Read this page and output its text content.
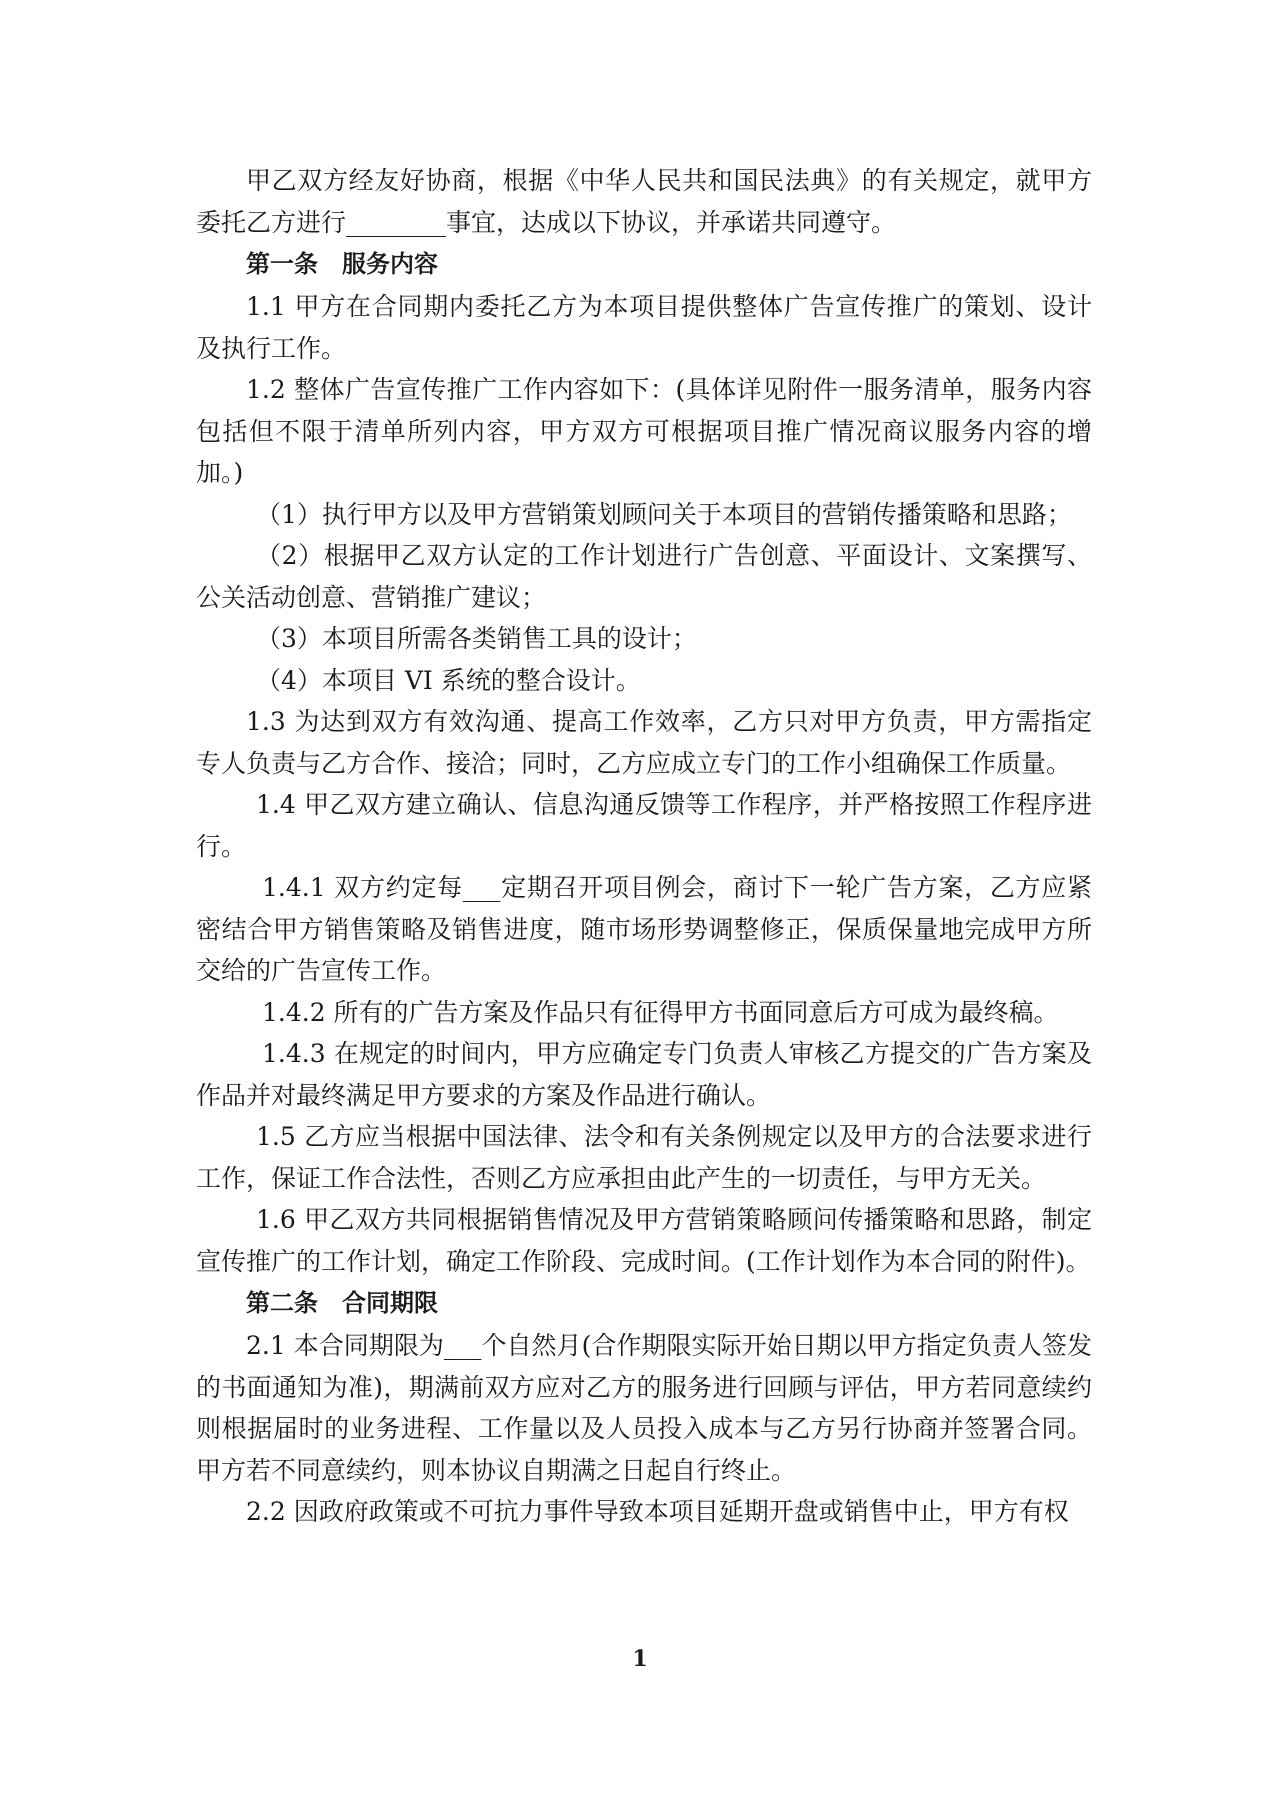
甲乙双方经友好协商，根据《中华人民共和国民法典》的有关规定，就甲方委托乙方进行________事宜，达成以下协议，并承诺共同遵守。

第一条　服务内容

1.1 甲方在合同期内委托乙方为本项目提供整体广告宣传推广的策划、设计及执行工作。

1.2 整体广告宣传推广工作内容如下：(具体详见附件一服务清单，服务内容包括但不限于清单所列内容，甲方双方可根据项目推广情况商议服务内容的增加。)

（1）执行甲方以及甲方营销策划顾问关于本项目的营销传播策略和思路；

（2）根据甲乙双方认定的工作计划进行广告创意、平面设计、文案撰写、公关活动创意、营销推广建议；

（3）本项目所需各类销售工具的设计；

（4）本项目 VI 系统的整合设计。

1.3 为达到双方有效沟通、提高工作效率，乙方只对甲方负责，甲方需指定专人负责与乙方合作、接洽；同时，乙方应成立专门的工作小组确保工作质量。

1.4 甲乙双方建立确认、信息沟通反馈等工作程序，并严格按照工作程序进行。

1.4.1 双方约定每___定期召开项目例会，商讨下一轮广告方案，乙方应紧密结合甲方销售策略及销售进度，随市场形势调整修正，保质保量地完成甲方所交给的广告宣传工作。

1.4.2 所有的广告方案及作品只有征得甲方书面同意后方可成为最终稿。

1.4.3 在规定的时间内，甲方应确定专门负责人审核乙方提交的广告方案及作品并对最终满足甲方要求的方案及作品进行确认。

1.5 乙方应当根据中国法律、法令和有关条例规定以及甲方的合法要求进行工作，保证工作合法性，否则乙方应承担由此产生的一切责任，与甲方无关。

1.6 甲乙双方共同根据销售情况及甲方营销策略顾问传播策略和思路，制定宣传推广的工作计划，确定工作阶段、完成时间。(工作计划作为本合同的附件)。

第二条　合同期限

2.1 本合同期限为___个自然月(合作期限实际开始日期以甲方指定负责人签发的书面通知为准)，期满前双方应对乙方的服务进行回顾与评估，甲方若同意续约则根据届时的业务进程、工作量以及人员投入成本与乙方另行协商并签署合同。甲方若不同意续约，则本协议自期满之日起自行终止。

2.2 因政府政策或不可抗力事件导致本项目延期开盘或销售中止，甲方有权

1
